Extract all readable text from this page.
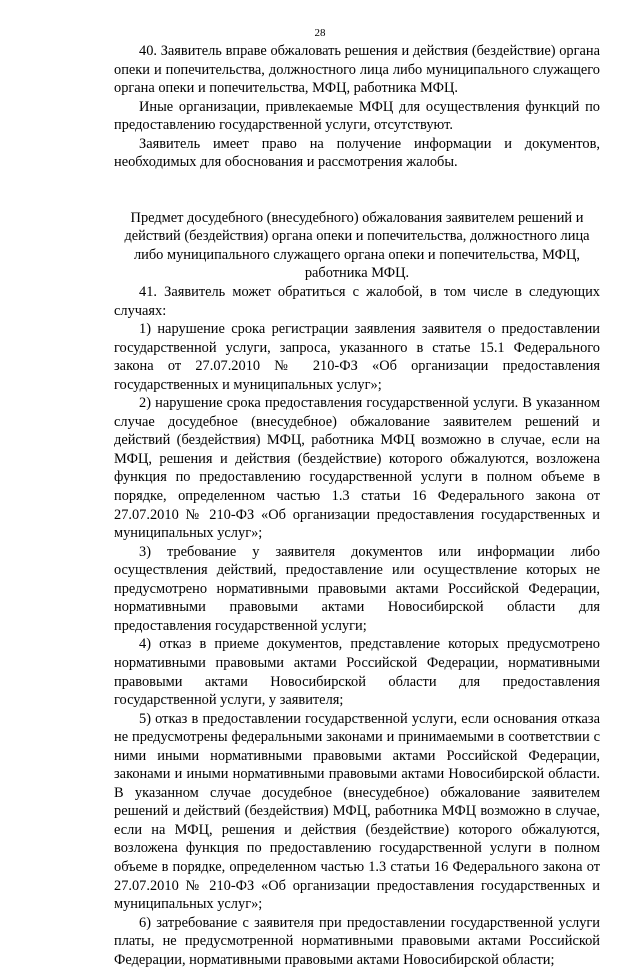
28

40. Заявитель вправе обжаловать решения и действия (бездействие) органа опеки и попечительства, должностного лица либо муниципального служащего органа опеки и попечительства, МФЦ, работника МФЦ.

Иные организации, привлекаемые МФЦ для осуществления функций по предоставлению государственной услуги, отсутствуют.

Заявитель имеет право на получение информации и документов, необходимых для обоснования и рассмотрения жалобы.

Предмет досудебного (внесудебного) обжалования заявителем решений и действий (бездействия) органа опеки и попечительства, должностного лица либо муниципального служащего органа опеки и попечительства, МФЦ, работника МФЦ.

41. Заявитель может обратиться с жалобой, в том числе в следующих случаях:

1) нарушение срока регистрации заявления заявителя о предоставлении государственной услуги, запроса, указанного в статье 15.1 Федерального закона от 27.07.2010 № 210-ФЗ «Об организации предоставления государственных и муниципальных услуг»;

2) нарушение срока предоставления государственной услуги. В указанном случае досудебное (внесудебное) обжалование заявителем решений и действий (бездействия) МФЦ, работника МФЦ возможно в случае, если на МФЦ, решения и действия (бездействие) которого обжалуются, возложена функция по предоставлению государственной услуги в полном объеме в порядке, определенном частью 1.3 статьи 16 Федерального закона от 27.07.2010 № 210-ФЗ «Об организации предоставления государственных и муниципальных услуг»;

3) требование у заявителя документов или информации либо осуществления действий, предоставление или осуществление которых не предусмотрено нормативными правовыми актами Российской Федерации, нормативными правовыми актами Новосибирской области для предоставления государственной услуги;

4) отказ в приеме документов, представление которых предусмотрено нормативными правовыми актами Российской Федерации, нормативными правовыми актами Новосибирской области для предоставления государственной услуги, у заявителя;

5) отказ в предоставлении государственной услуги, если основания отказа не предусмотрены федеральными законами и принимаемыми в соответствии с ними иными нормативными правовыми актами Российской Федерации, законами и иными нормативными правовыми актами Новосибирской области. В указанном случае досудебное (внесудебное) обжалование заявителем решений и действий (бездействия) МФЦ, работника МФЦ возможно в случае, если на МФЦ, решения и действия (бездействие) которого обжалуются, возложена функция по предоставлению государственной услуги в полном объеме в порядке, определенном частью 1.3 статьи 16 Федерального закона от 27.07.2010 № 210-ФЗ «Об организации предоставления государственных и муниципальных услуг»;

6) затребование с заявителя при предоставлении государственной услуги платы, не предусмотренной нормативными правовыми актами Российской Федерации, нормативными правовыми актами Новосибирской области;
